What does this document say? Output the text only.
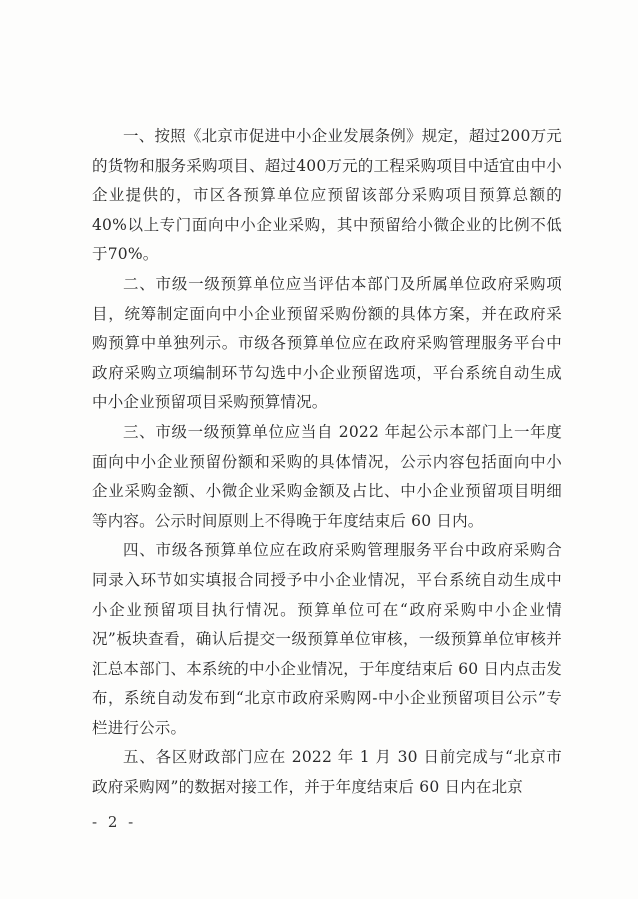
一、按照《北京市促进中小企业发展条例》规定，超过200万元的货物和服务采购项目、超过400万元的工程采购项目中适宜由中小企业提供的，市区各预算单位应预留该部分采购项目预算总额的40%以上专门面向中小企业采购，其中预留给小微企业的比例不低于70%。

二、市级一级预算单位应当评估本部门及所属单位政府采购项目，统筹制定面向中小企业预留采购份额的具体方案，并在政府采购预算中单独列示。市级各预算单位应在政府采购管理服务平台中政府采购立项编制环节勾选中小企业预留选项，平台系统自动生成中小企业预留项目采购预算情况。

三、市级一级预算单位应当自 2022 年起公示本部门上一年度面向中小企业预留份额和采购的具体情况，公示内容包括面向中小企业采购金额、小微企业采购金额及占比、中小企业预留项目明细等内容。公示时间原则上不得晚于年度结束后 60 日内。

四、市级各预算单位应在政府采购管理服务平台中政府采购合同录入环节如实填报合同授予中小企业情况，平台系统自动生成中小企业预留项目执行情况。预算单位可在“政府采购中小企业情况”板块查看，确认后提交一级预算单位审核，一级预算单位审核并汇总本部门、本系统的中小企业情况，于年度结束后 60 日内点击发布，系统自动发布到“北京市政府采购网-中小企业预留项目公示”专栏进行公示。

五、各区财政部门应在 2022 年 1 月 30 日前完成与“北京市政府采购网”的数据对接工作，并于年度结束后 60 日内在北京

- 2 -
